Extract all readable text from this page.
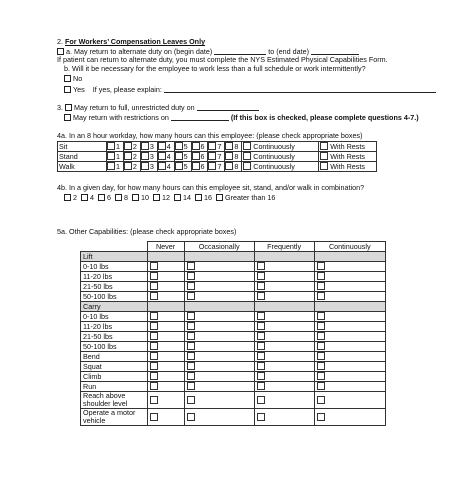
2. For Workers’ Compensation Leaves Only
a. May return to alternate duty on (begin date)	to (end date)
If patient can return to alternate duty, you must complete the NYS Estimated Physical Capabilities Form.
b. Will it be necessary for the employee to work less than a full schedule or work intermittently?
No
Yes If yes, please explain:
3. May return to full, unrestricted duty on
May return with restrictions on	(If this box is checked, please complete questions 4-7.)
4a. In an 8 hour workday, how many hours can this employee: (please check appropriate boxes)
Sit	1	2	3	4	5	6	7	8	Continuously	With Rests
Stand	1	2	3	4	5	6	7	8	Continuously	With Rests
Walk	1	2	3	4	5	6	7	8	Continuously	With Rests
4b. In a given day, for how many hours can this employee sit, stand, and/or walk in combination?
2 4 6 8 10 12 14 16 Greater than 16
5a. Other Capabilities: (please check appropriate boxes)
	Never	Occasionally	Frequently	Continuously
Lift				
0-10 lbs				
11-20 lbs				
21-50 lbs				
50-100 lbs				
Carry				
0-10 lbs				
11-20 lbs				
21-50 lbs				
50-100 lbs				
Bend				
Squat				
Climb				
Run				
Reach above shoulder level				
Operate a motor vehicle				
